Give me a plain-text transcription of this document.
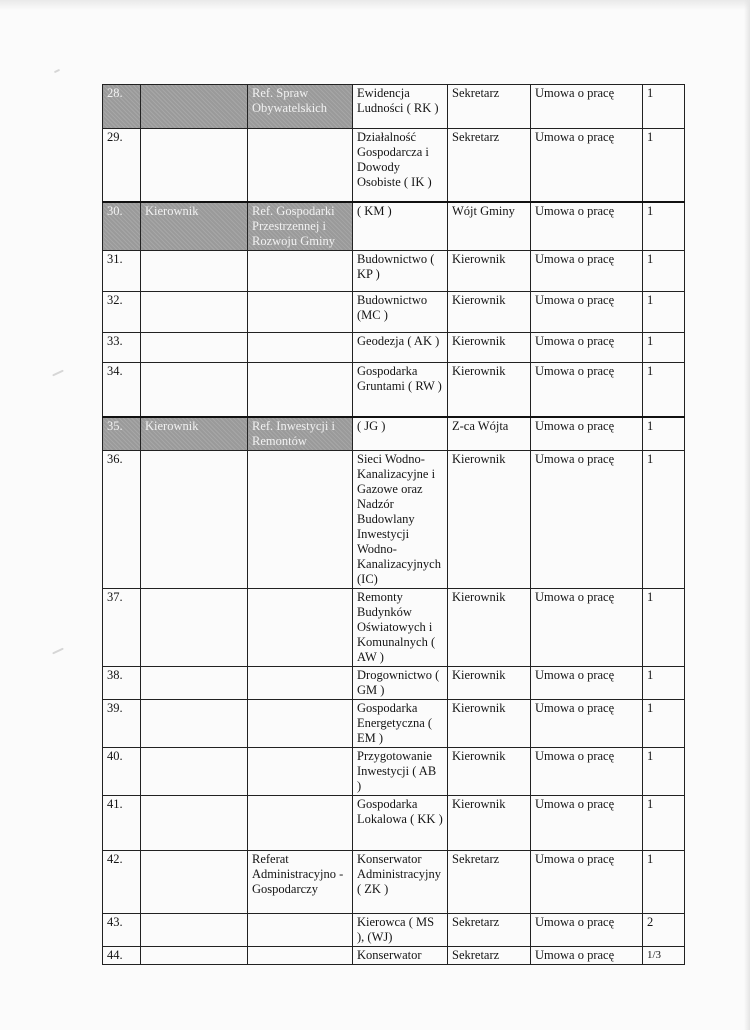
28.		Ref. Spraw Obywatelskich	Ewidencja Ludności ( RK )	Sekretarz	Umowa o pracę	1
29.			Działalność Gospodarcza i Dowody Osobiste ( IK )	Sekretarz	Umowa o pracę	1
30.	Kierownik	Ref. Gospodarki Przestrzennej i Rozwoju Gminy	( KM )	Wójt Gminy	Umowa o pracę	1
31.			Budownictwo ( KP )	Kierownik	Umowa o pracę	1
32.			Budownictwo (MC )	Kierownik	Umowa o pracę	1
33.			Geodezja ( AK )	Kierownik	Umowa o pracę	1
34.			Gospodarka Gruntami ( RW )	Kierownik	Umowa o pracę	1
35.	Kierownik	Ref. Inwestycji i Remontów	( JG )	Z-ca Wójta	Umowa o pracę	1
36.			Sieci Wodno-Kanalizacyjne i Gazowe oraz Nadzór Budowlany Inwestycji Wodno-Kanalizacyjnych (IC)	Kierownik	Umowa o pracę	1
37.			Remonty Budynków Oświatowych i Komunalnych ( AW )	Kierownik	Umowa o pracę	1
38.			Drogownictwo ( GM )	Kierownik	Umowa o pracę	1
39.			Gospodarka Energetyczna ( EM )	Kierownik	Umowa o pracę	1
40.			Przygotowanie Inwestycji ( AB )	Kierownik	Umowa o pracę	1
41.			Gospodarka Lokalowa ( KK )	Kierownik	Umowa o pracę	1
42.		Referat Administracyjno - Gospodarczy	Konserwator Administracyjny ( ZK )	Sekretarz	Umowa o pracę	1
43.			Kierowca ( MS ), (WJ)	Sekretarz	Umowa o pracę	2
44.			Konserwator	Sekretarz	Umowa o pracę	1/3
